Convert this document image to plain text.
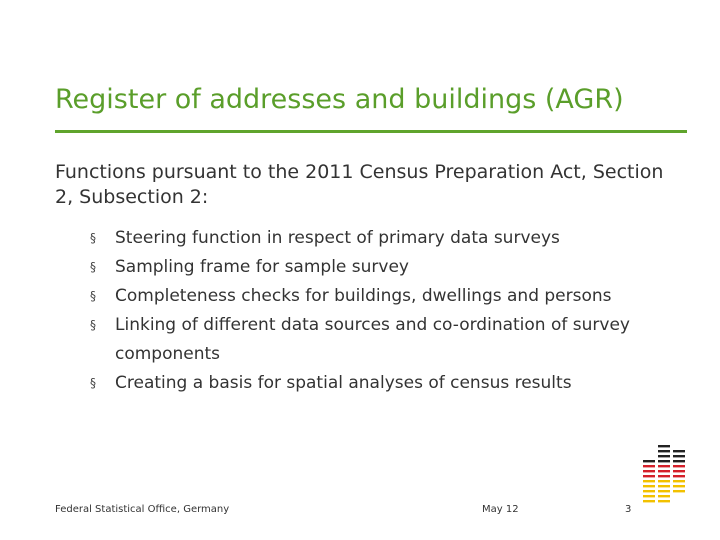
Register of addresses and buildings (AGR)
Functions pursuant to the 2011 Census Preparation Act, Section 2, Subsection 2:
§ Steering function in respect of primary data surveys
§ Sampling frame for sample survey
§ Completeness checks for buildings, dwellings and persons
§ Linking of different data sources and co-ordination of survey components
§ Creating a basis for spatial analyses of census results
Federal Statistical Office, Germany	May 12	3
